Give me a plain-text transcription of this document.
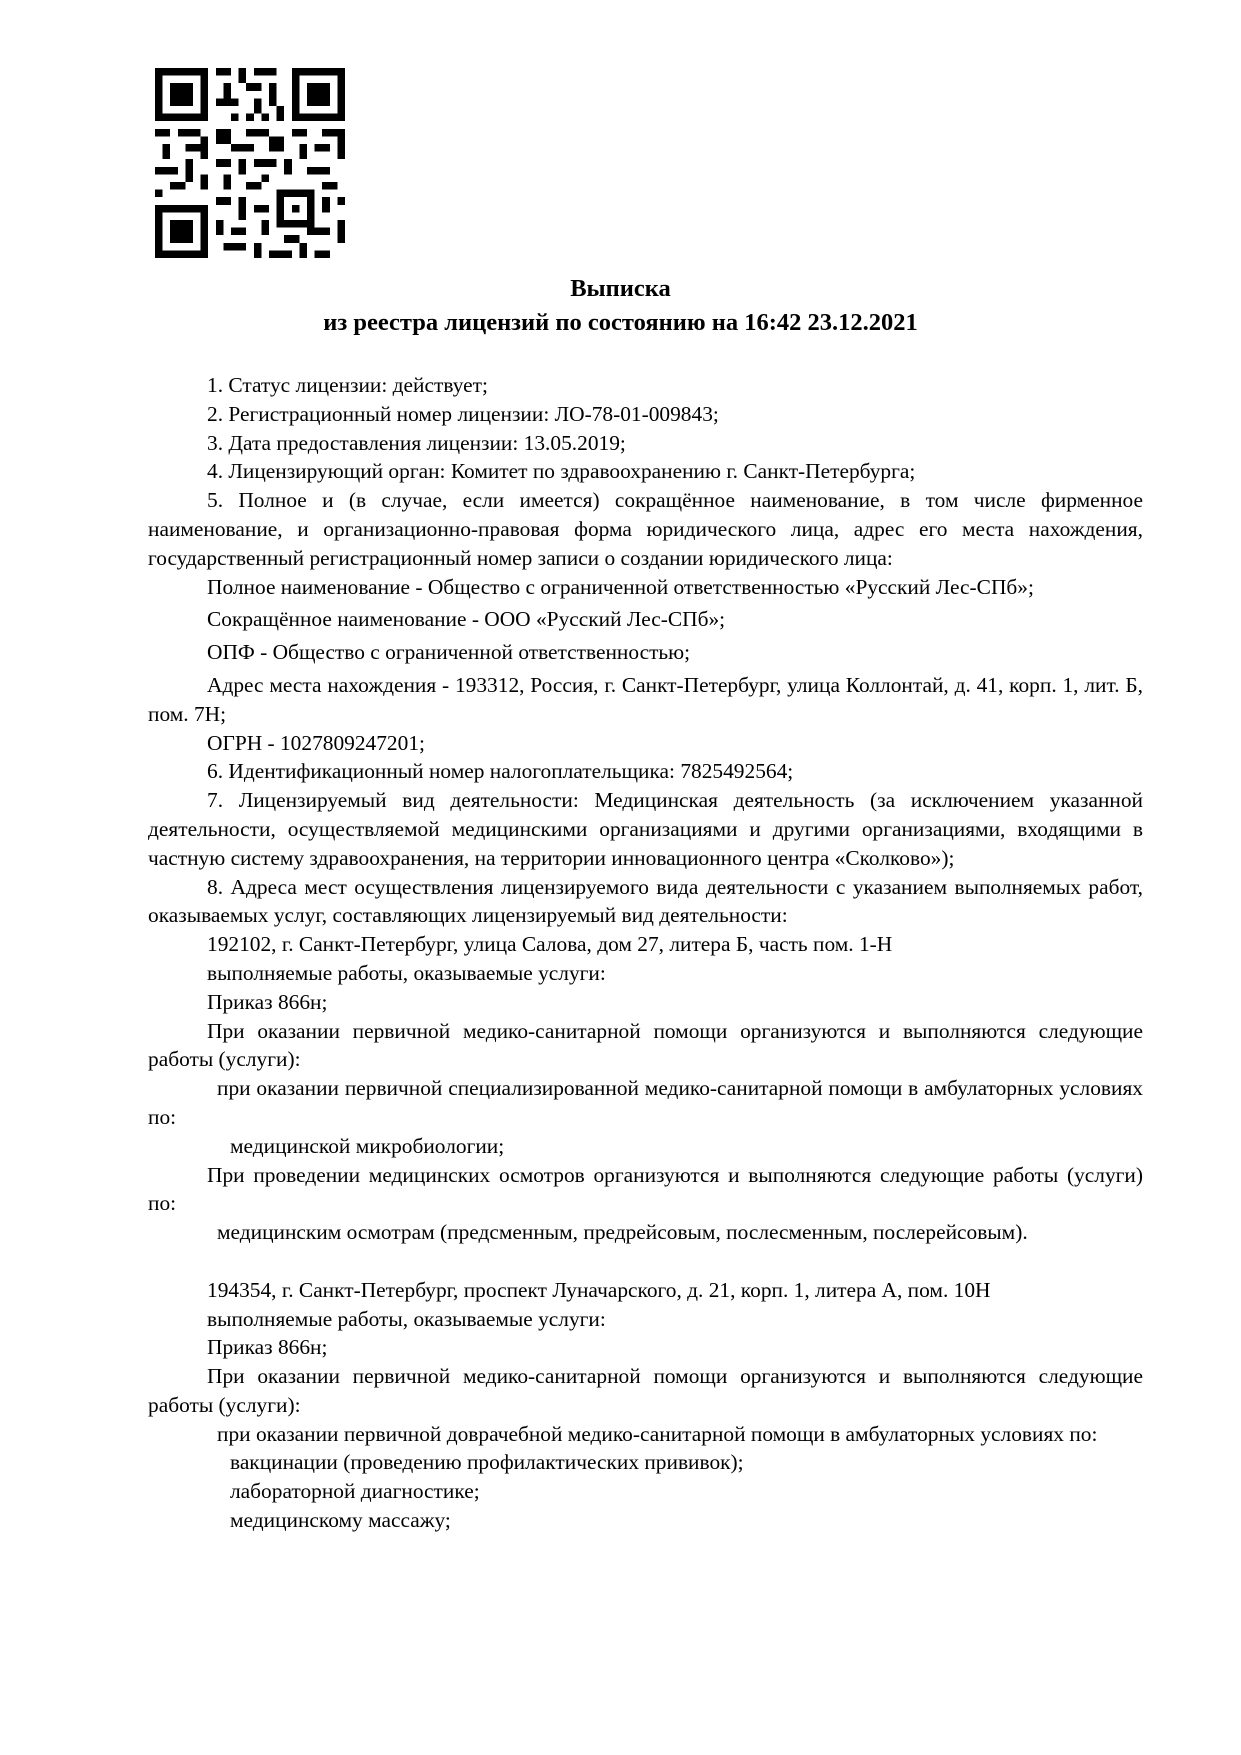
Выписка
из реестра лицензий по состоянию на 16:42 23.12.2021

1. Статус лицензии: действует;

2. Регистрационный номер лицензии: ЛО-78-01-009843;

3. Дата предоставления лицензии: 13.05.2019;

4. Лицензирующий орган: Комитет по здравоохранению г. Санкт-Петербурга;

5. Полное и (в случае, если имеется) сокращённое наименование, в том числе фирменное наименование, и организационно-правовая форма юридического лица, адрес его места нахождения, государственный регистрационный номер записи о создании юридического лица:

Полное наименование - Общество с ограниченной ответственностью «Русский Лес-СПб»;

Сокращённое наименование - ООО «Русский Лес-СПб»;

ОПФ - Общество с ограниченной ответственностью;

Адрес места нахождения - 193312, Россия, г. Санкт-Петербург, улица Коллонтай, д. 41, корп. 1, лит. Б, пом. 7Н;

ОГРН - 1027809247201;

6. Идентификационный номер налогоплательщика: 7825492564;

7. Лицензируемый вид деятельности: Медицинская деятельность (за исключением указанной деятельности, осуществляемой медицинскими организациями и другими организациями, входящими в частную систему здравоохранения, на территории инновационного центра «Сколково»);

8. Адреса мест осуществления лицензируемого вида деятельности с указанием выполняемых работ, оказываемых услуг, составляющих лицензируемый вид деятельности:

192102, г. Санкт-Петербург, улица Салова, дом 27, литера Б, часть пом. 1-Н

выполняемые работы, оказываемые услуги:

Приказ 866н;

При оказании первичной медико-санитарной помощи организуются и выполняются следующие работы (услуги):

при оказании первичной специализированной медико-санитарной помощи в амбулаторных условиях по:

медицинской микробиологии;

При проведении медицинских осмотров организуются и выполняются следующие работы (услуги) по:

медицинским осмотрам (предсменным, предрейсовым, послесменным, послерейсовым).

194354, г. Санкт-Петербург, проспект Луначарского, д. 21, корп. 1, литера А, пом. 10Н

выполняемые работы, оказываемые услуги:

Приказ 866н;

При оказании первичной медико-санитарной помощи организуются и выполняются следующие работы (услуги):

при оказании первичной доврачебной медико-санитарной помощи в амбулаторных условиях по:

вакцинации (проведению профилактических прививок);

лабораторной диагностике;

медицинскому массажу;
